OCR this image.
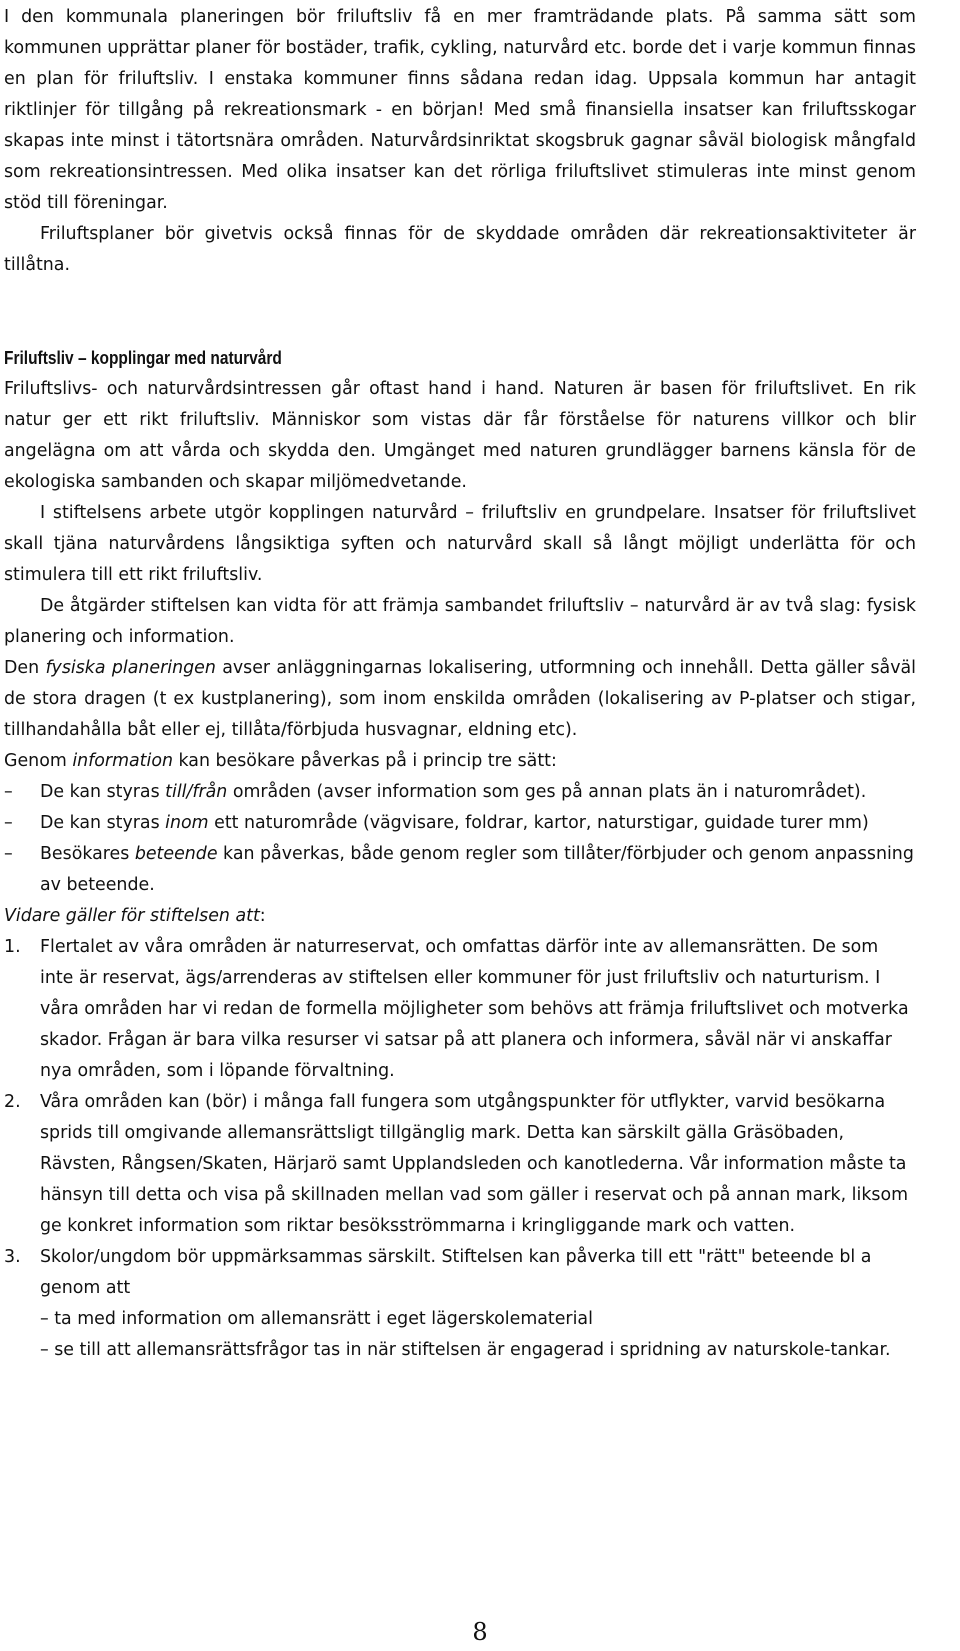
I den kommunala planeringen bör friluftsliv få en mer framträdande plats. På samma sätt som kommunen upprättar planer för bostäder, trafik, cykling, naturvård etc. borde det i varje kommun finnas en plan för friluftsliv. I enstaka kommuner finns sådana redan idag. Uppsala kommun har antagit riktlinjer för tillgång på rekreationsmark - en början! Med små finansiella insatser kan friluftsskogar skapas inte minst i tätortsnära områden. Naturvårdsinriktat skogsbruk gagnar såväl biologisk mångfald som rekreationsintressen. Med olika insatser kan det rörliga friluftslivet stimuleras inte minst genom stöd till föreningar.

Friluftsplaner bör givetvis också finnas för de skyddade områden där rekreationsaktiviteter är tillåtna.

Friluftsliv – kopplingar med naturvård

Friluftslivs- och naturvårdsintressen går oftast hand i hand. Naturen är basen för friluftslivet. En rik natur ger ett rikt friluftsliv. Människor som vistas där får förståelse för naturens villkor och blir angelägna om att vårda och skydda den. Umgänget med naturen grundlägger barnens känsla för de ekologiska sambanden och skapar miljömedvetande.

I stiftelsens arbete utgör kopplingen naturvård – friluftsliv en grundpelare. Insatser för friluftslivet skall tjäna naturvårdens långsiktiga syften och naturvård skall så långt möjligt underlätta för och stimulera till ett rikt friluftsliv.

De åtgärder stiftelsen kan vidta för att främja sambandet friluftsliv – naturvård är av två slag: fysisk planering och information.

Den fysiska planeringen avser anläggningarnas lokalisering, utformning och innehåll. Detta gäller såväl de stora dragen (t ex kustplanering), som inom enskilda områden (lokalisering av P-platser och stigar, tillhandahålla båt eller ej, tillåta/förbjuda husvagnar, eldning etc).

Genom information kan besökare påverkas på i princip tre sätt:

–	De kan styras till/från områden (avser information som ges på annan plats än i naturområdet).
–	De kan styras inom ett naturområde (vägvisare, foldrar, kartor, naturstigar, guidade turer mm)
–	Besökares beteende kan påverkas, både genom regler som tillåter/förbjuder och genom anpassning av beteende.

Vidare gäller för stiftelsen att:

1.	Flertalet av våra områden är naturreservat, och omfattas därför inte av allemansrätten. De som inte är reservat, ägs/arrenderas av stiftelsen eller kommuner för just friluftsliv och naturturism. I våra områden har vi redan de formella möjligheter som behövs att främja friluftslivet och motverka skador. Frågan är bara vilka resurser vi satsar på att planera och informera, såväl när vi anskaffar nya områden, som i löpande förvaltning.
2.	Våra områden kan (bör) i många fall fungera som utgångspunkter för utflykter, varvid besökarna sprids till omgivande allemansrättsligt tillgänglig mark. Detta kan särskilt gälla Gräsöbaden, Rävsten, Rångsen/Skaten, Härjarö samt Upplandsleden och kanotlederna. Vår information måste ta hänsyn till detta och visa på skillnaden mellan vad som gäller i reservat och på annan mark, liksom ge konkret information som riktar besöksströmmarna i kringliggande mark och vatten.
3.	Skolor/ungdom bör uppmärksammas särskilt. Stiftelsen kan påverka till ett "rätt" beteende bl a genom att
– ta med information om allemansrätt i eget lägerskolematerial
– se till att allemansrättsfrågor tas in när stiftelsen är engagerad i spridning av naturskole-tankar.
8
